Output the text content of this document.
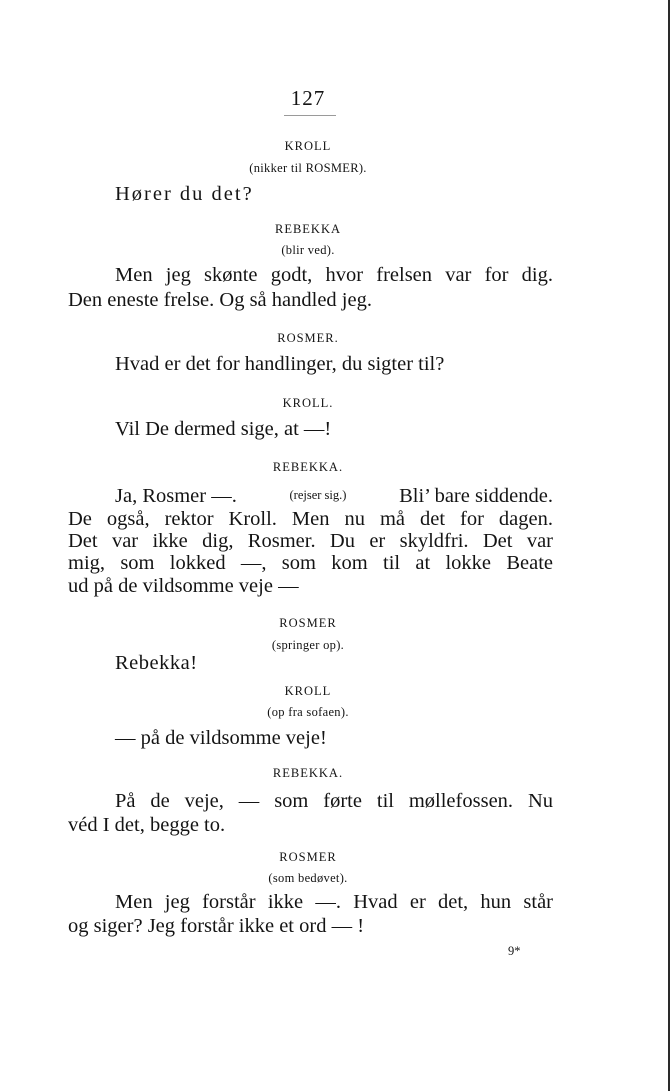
127
KROLL
(nikker til ROSMER).
Hører du det?
REBEKKA
(blir ved).
Men jeg skønte godt, hvor frelsen var for dig.
Den eneste frelse. Og så handled jeg.
ROSMER.
Hvad er det for handlinger, du sigter til?
KROLL.
Vil De dermed sige, at —!
REBEKKA.
Ja, Rosmer —.	(rejser sig.)	Bli’ bare siddende.
De også, rektor Kroll. Men nu må det for dagen.
Det var ikke dig, Rosmer. Du er skyldfri. Det var
mig, som lokked —, som kom til at lokke Beate
ud på de vildsomme veje —
ROSMER
(springer op).
Rebekka!
KROLL
(op fra sofaen).
— på de vildsomme veje!
REBEKKA.
På de veje, — som førte til møllefossen. Nu
véd I det, begge to.
ROSMER
(som bedøvet).
Men jeg forstår ikke —. Hvad er det, hun står
og siger? Jeg forstår ikke et ord — !
9*
